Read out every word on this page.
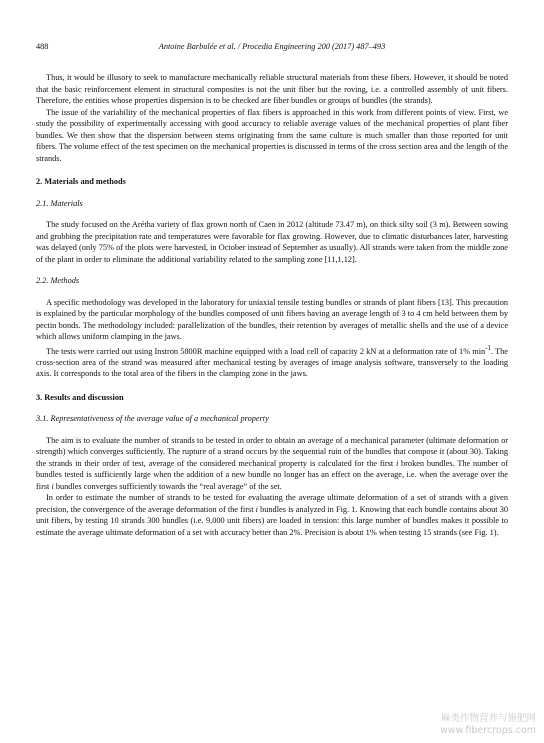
488	Antoine Barbulée et al. / Procedia Engineering 200 (2017) 487–493

Thus, it would be illusory to seek to manufacture mechanically reliable structural materials from these fibers. However, it should be noted that the basic reinforcement element in structural composites is not the unit fiber but the roving, i.e. a controlled assembly of unit fibers. Therefore, the entities whose properties dispersion is to be checked are fiber bundles or groups of bundles (the strands).

The issue of the variability of the mechanical properties of flax fibers is approached in this work from different points of view. First, we study the possibility of experimentally accessing with good accuracy to reliable average values of the mechanical properties of plant fiber bundles. We then show that the dispersion between stems originating from the same culture is much smaller than those reported for unit fibers. The volume effect of the test specimen on the mechanical properties is discussed in terms of the cross section area and the length of the strands.

2. Materials and methods
2.1. Materials

The study focused on the Arétha variety of flax grown north of Caen in 2012 (altitude 73.47 m), on thick silty soil (3 m). Between sowing and grubbing the precipitation rate and temperatures were favorable for flax growing. However, due to climatic disturbances later, harvesting was delayed (only 75% of the plots were harvested, in October instead of September as usually). All strands were taken from the middle zone of the plant in order to eliminate the additional variability related to the sampling zone [11,1,12].

2.2. Methods

A specific methodology was developed in the laboratory for uniaxial tensile testing bundles or strands of plant fibers [13]. This precaution is explained by the particular morphology of the bundles composed of unit fibers having an average length of 3 to 4 cm held between them by pectin bonds. The methodology included: parallelization of the bundles, their retention by averages of metallic shells and the use of a device which allows uniform clamping in the jaws.

The tests were carried out using Instron 5800R machine equipped with a load cell of capacity 2 kN at a deformation rate of 1% $\min^{-1}$. The cross-section area of the strand was measured after mechanical testing by averages of image analysis software, transversely to the loading axis. It corresponds to the total area of the fibers in the clamping zone in the jaws.

3. Results and discussion
3.1. Representativeness of the average value of a mechanical property

The aim is to evaluate the number of strands to be tested in order to obtain an average of a mechanical parameter (ultimate deformation or strength) which converges sufficiently. The rupture of a strand occurs by the sequential ruin of the bundles that compose it (about 30). Taking the strands in their order of test, average of the considered mechanical property is calculated for the first i broken bundles. The number of bundles tested is sufficiently large when the addition of a new bundle no longer has an effect on the average, i.e. when the average over the first i bundles converges sufficiently towards the “real average” of the set.

In order to estimate the number of strands to be tested for evaluating the average ultimate deformation of a set of strands with a given precision, the convergence of the average deformation of the first i bundles is analyzed in Fig. 1. Knowing that each bundle contains about 30 unit fibers, by testing 10 strands 300 bundles (i.e. 9,000 unit fibers) are loaded in tension: this large number of bundles makes it possible to estimate the average ultimate deformation of a set with accuracy better than 2%. Precision is about 1% when testing 15 strands (see Fig. 1).

麻类作物营养与施肥网
www.fibercrops.com
